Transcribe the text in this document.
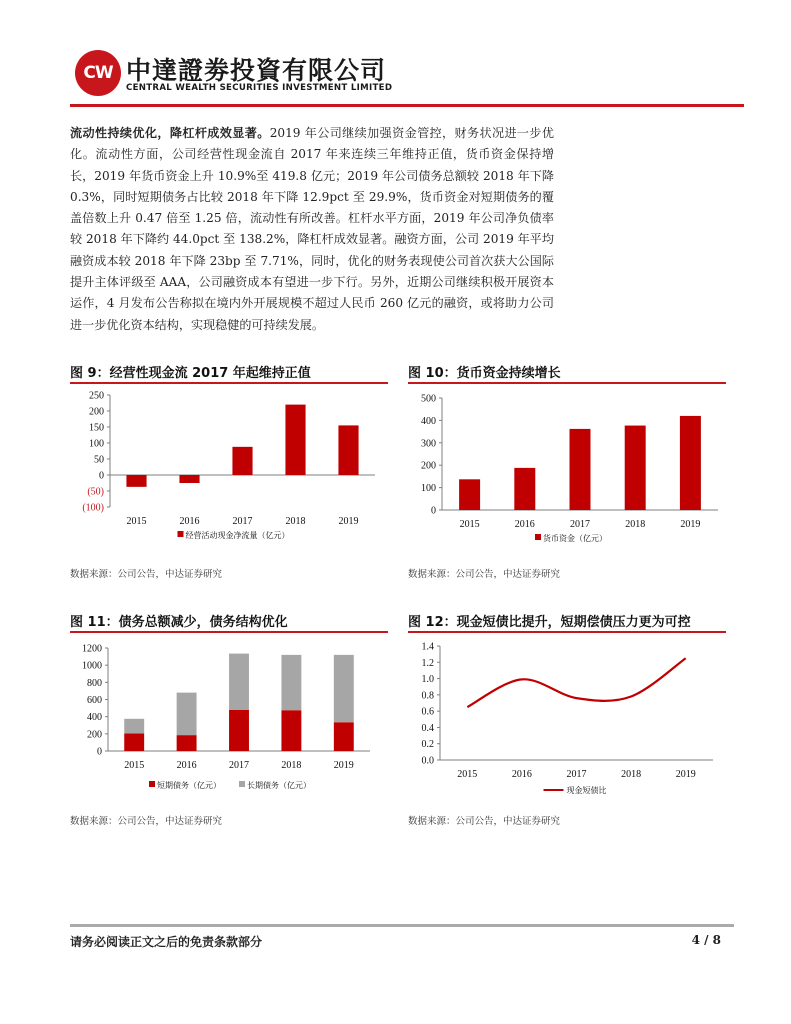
CW 中達證劵投資有限公司
CENTRAL WEALTH SECURITIES INVESTMENT LIMITED
流动性持续优化，降杠杆成效显著。2019 年公司继续加强资金管控，财务状况进一步优化。流动性方面，公司经营性现金流自 2017 年来连续三年维持正值，货币资金保持增长，2019 年货币资金上升 10.9%至 419.8 亿元；2019 年公司债务总额较 2018 年下降 0.3%，同时短期债务占比较 2018 年下降 12.9pct 至 29.9%，货币资金对短期债务的覆盖倍数上升 0.47 倍至 1.25 倍，流动性有所改善。杠杆水平方面，2019 年公司净负债率较 2018 年下降约 44.0pct 至 138.2%，降杠杆成效显著。融资方面，公司 2019 年平均融资成本较 2018 年下降 23bp 至 7.71%，同时，优化的财务表现使公司首次获大公国际提升主体评级至 AAA，公司融资成本有望进一步下行。另外，近期公司继续积极开展资本运作，4 月发布公告称拟在境内外开展规模不超过人民币 260 亿元的融资，或将助力公司进一步优化资本结构，实现稳健的可持续发展。
图 9：经营性现金流 2017 年起维持正值
(100)
(50)
0
50
100
150
200
250
2015	2016	2017	2018	2019
经营活动现金净流量（亿元）
数据来源：公司公告，中达证券研究
图 10：货币资金持续增长
0
100
200
300
400
500
2015	2016	2017	2018	2019
货币资金（亿元）
数据来源：公司公告，中达证券研究
图 11：债务总额减少，债务结构优化
0
200
400
600
800
1000
1200
2015	2016	2017	2018	2019
短期债务（亿元）	长期债务（亿元）
数据来源：公司公告，中达证券研究
图 12：现金短债比提升，短期偿债压力更为可控
0.0
0.2
0.4
0.6
0.8
1.0
1.2
1.4
2015	2016	2017	2018	2019
现金短债比
数据来源：公司公告，中达证券研究
请务必阅读正文之后的免责条款部分	4 / 8
